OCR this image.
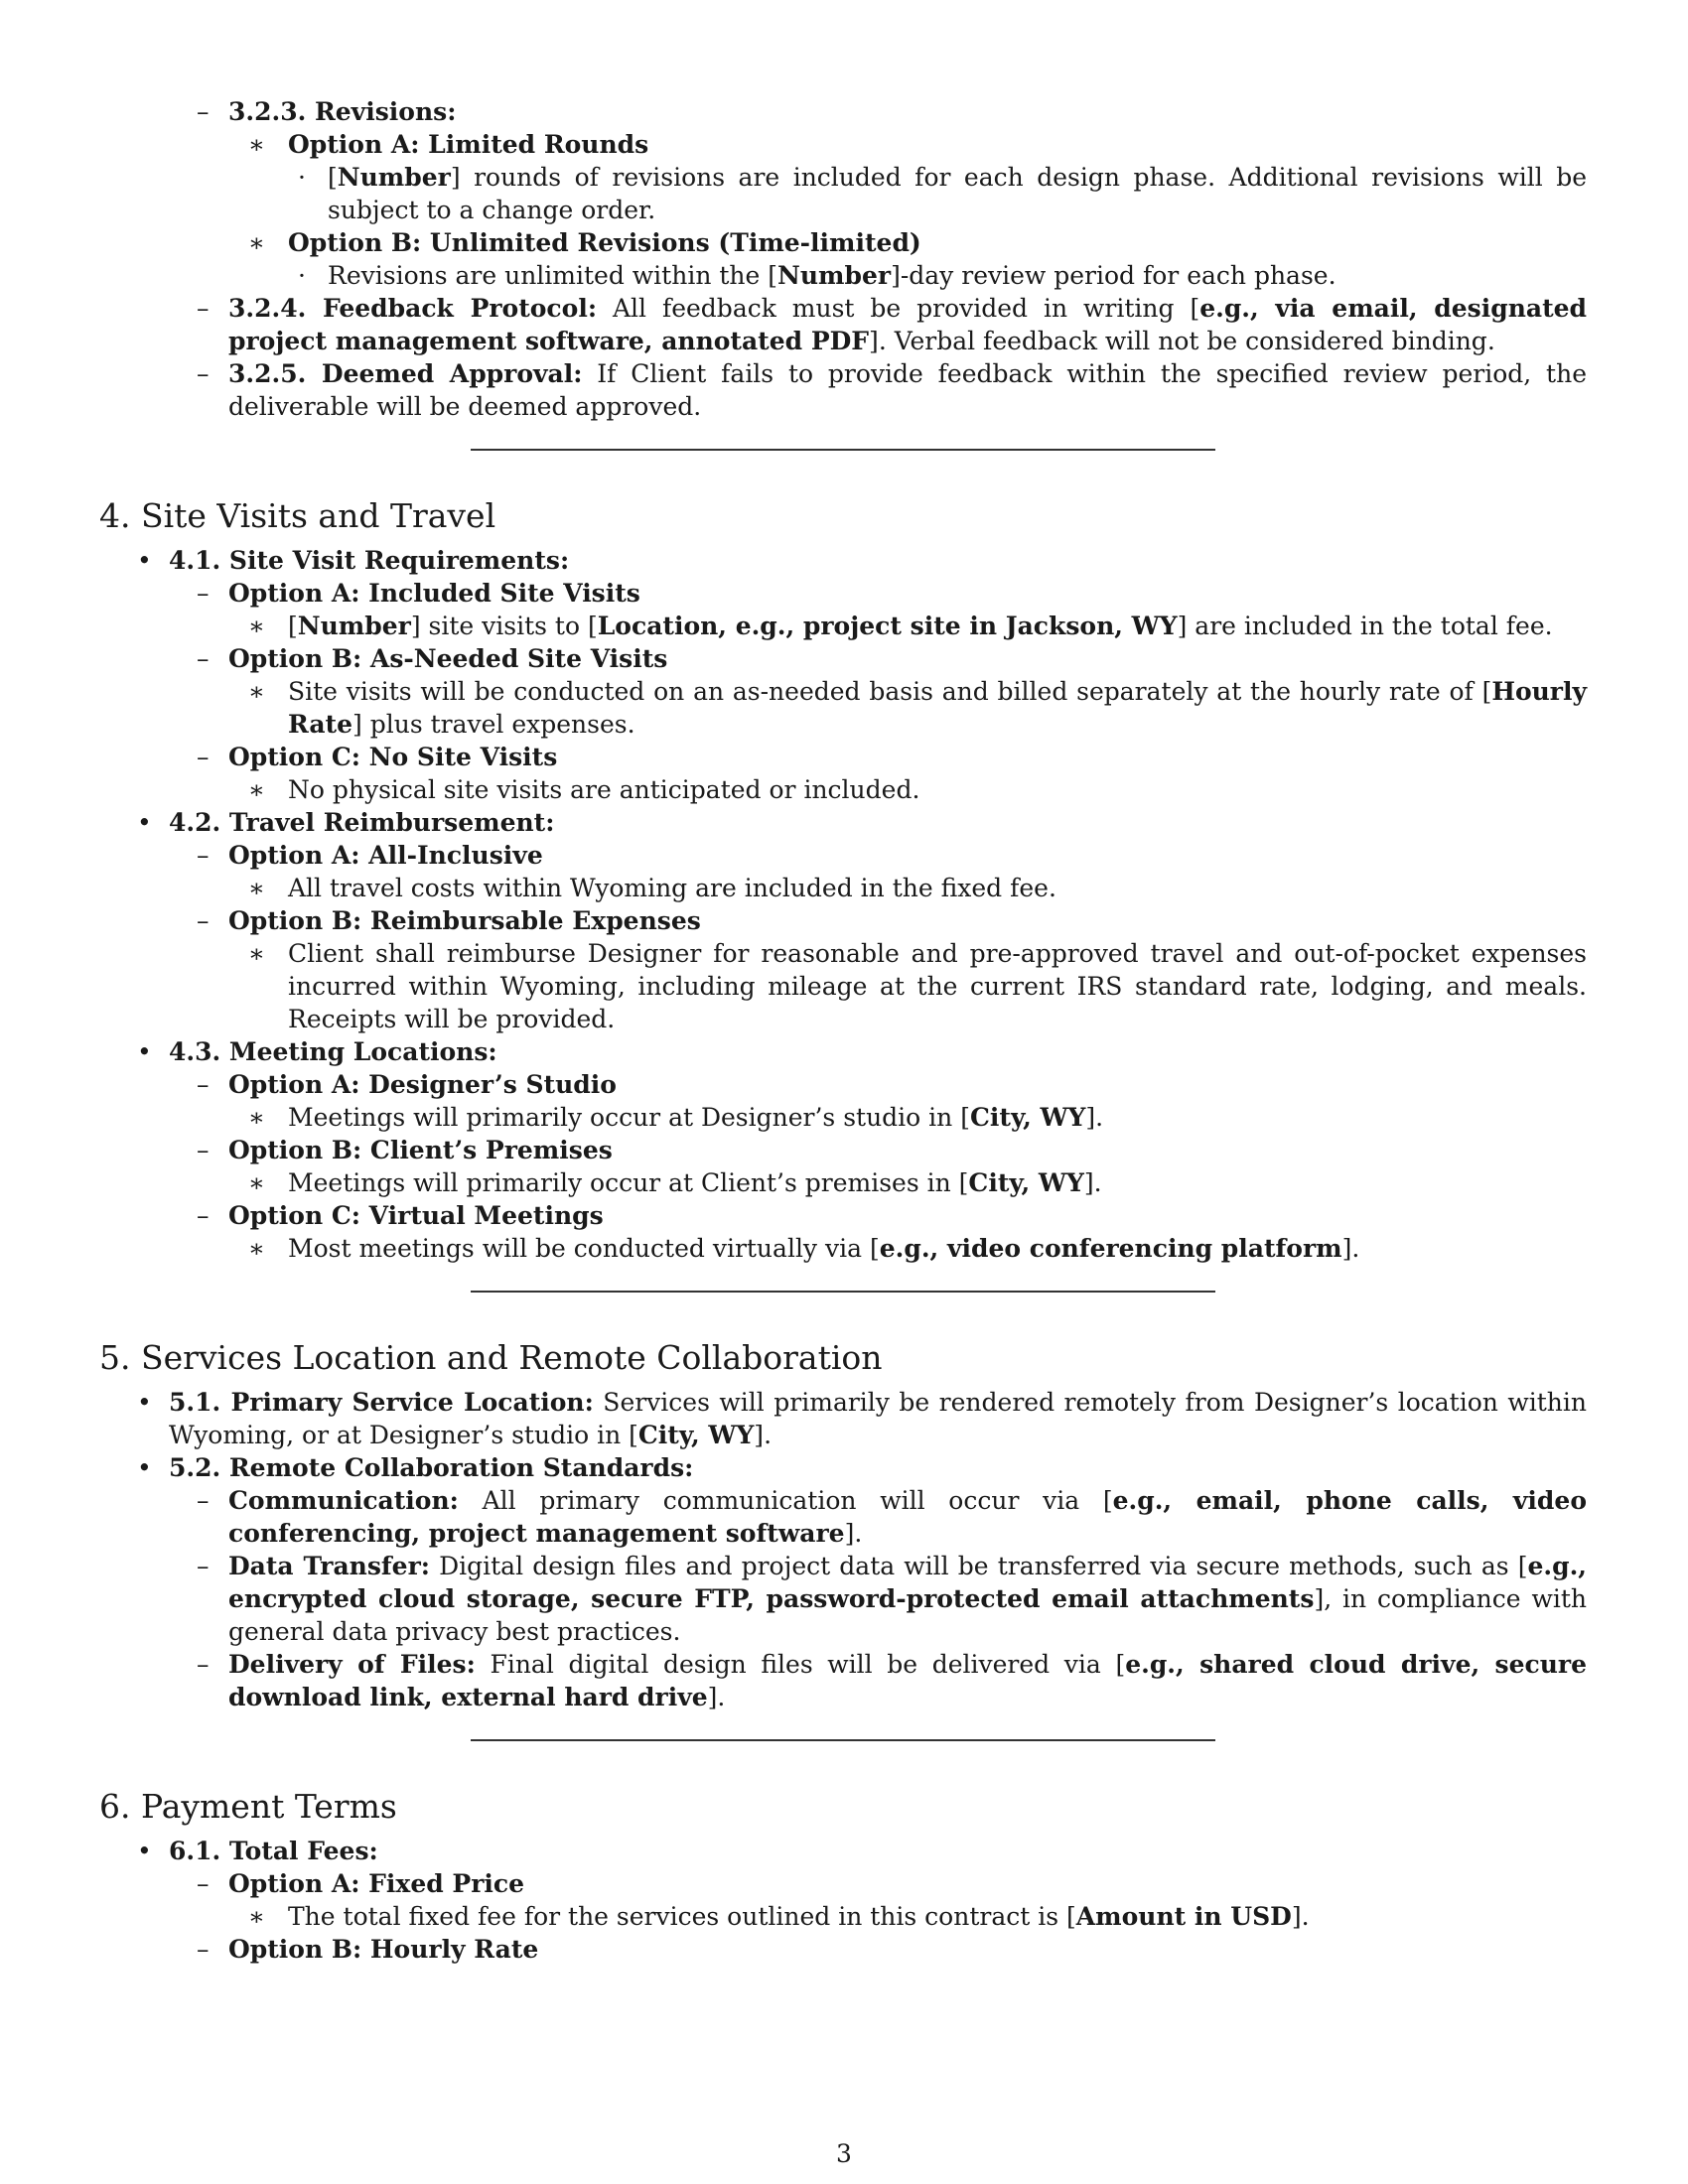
– 3.2.3. Revisions:
∗ Option A: Limited Rounds
· [Number] rounds of revisions are included for each design phase. Additional revisions will be subject to a change order.
∗ Option B: Unlimited Revisions (Time-limited)
· Revisions are unlimited within the [Number]-day review period for each phase.
– 3.2.4. Feedback Protocol: All feedback must be provided in writing [e.g., via email, designated project management software, annotated PDF]. Verbal feedback will not be considered binding.
– 3.2.5. Deemed Approval: If Client fails to provide feedback within the specified review period, the deliverable will be deemed approved.
4. Site Visits and Travel
• 4.1. Site Visit Requirements:
– Option A: Included Site Visits
∗ [Number] site visits to [Location, e.g., project site in Jackson, WY] are included in the total fee.
– Option B: As-Needed Site Visits
∗ Site visits will be conducted on an as-needed basis and billed separately at the hourly rate of [Hourly Rate] plus travel expenses.
– Option C: No Site Visits
∗ No physical site visits are anticipated or included.
• 4.2. Travel Reimbursement:
– Option A: All-Inclusive
∗ All travel costs within Wyoming are included in the fixed fee.
– Option B: Reimbursable Expenses
∗ Client shall reimburse Designer for reasonable and pre-approved travel and out-of-pocket expenses incurred within Wyoming, including mileage at the current IRS standard rate, lodging, and meals. Receipts will be provided.
• 4.3. Meeting Locations:
– Option A: Designer’s Studio
∗ Meetings will primarily occur at Designer’s studio in [City, WY].
– Option B: Client’s Premises
∗ Meetings will primarily occur at Client’s premises in [City, WY].
– Option C: Virtual Meetings
∗ Most meetings will be conducted virtually via [e.g., video conferencing platform].
5. Services Location and Remote Collaboration
• 5.1. Primary Service Location: Services will primarily be rendered remotely from Designer’s location within Wyoming, or at Designer’s studio in [City, WY].
• 5.2. Remote Collaboration Standards:
– Communication: All primary communication will occur via [e.g., email, phone calls, video conferencing, project management software].
– Data Transfer: Digital design files and project data will be transferred via secure methods, such as [e.g., encrypted cloud storage, secure FTP, password-protected email attachments], in compliance with general data privacy best practices.
– Delivery of Files: Final digital design files will be delivered via [e.g., shared cloud drive, secure download link, external hard drive].
6. Payment Terms
• 6.1. Total Fees:
– Option A: Fixed Price
∗ The total fixed fee for the services outlined in this contract is [Amount in USD].
– Option B: Hourly Rate
3
